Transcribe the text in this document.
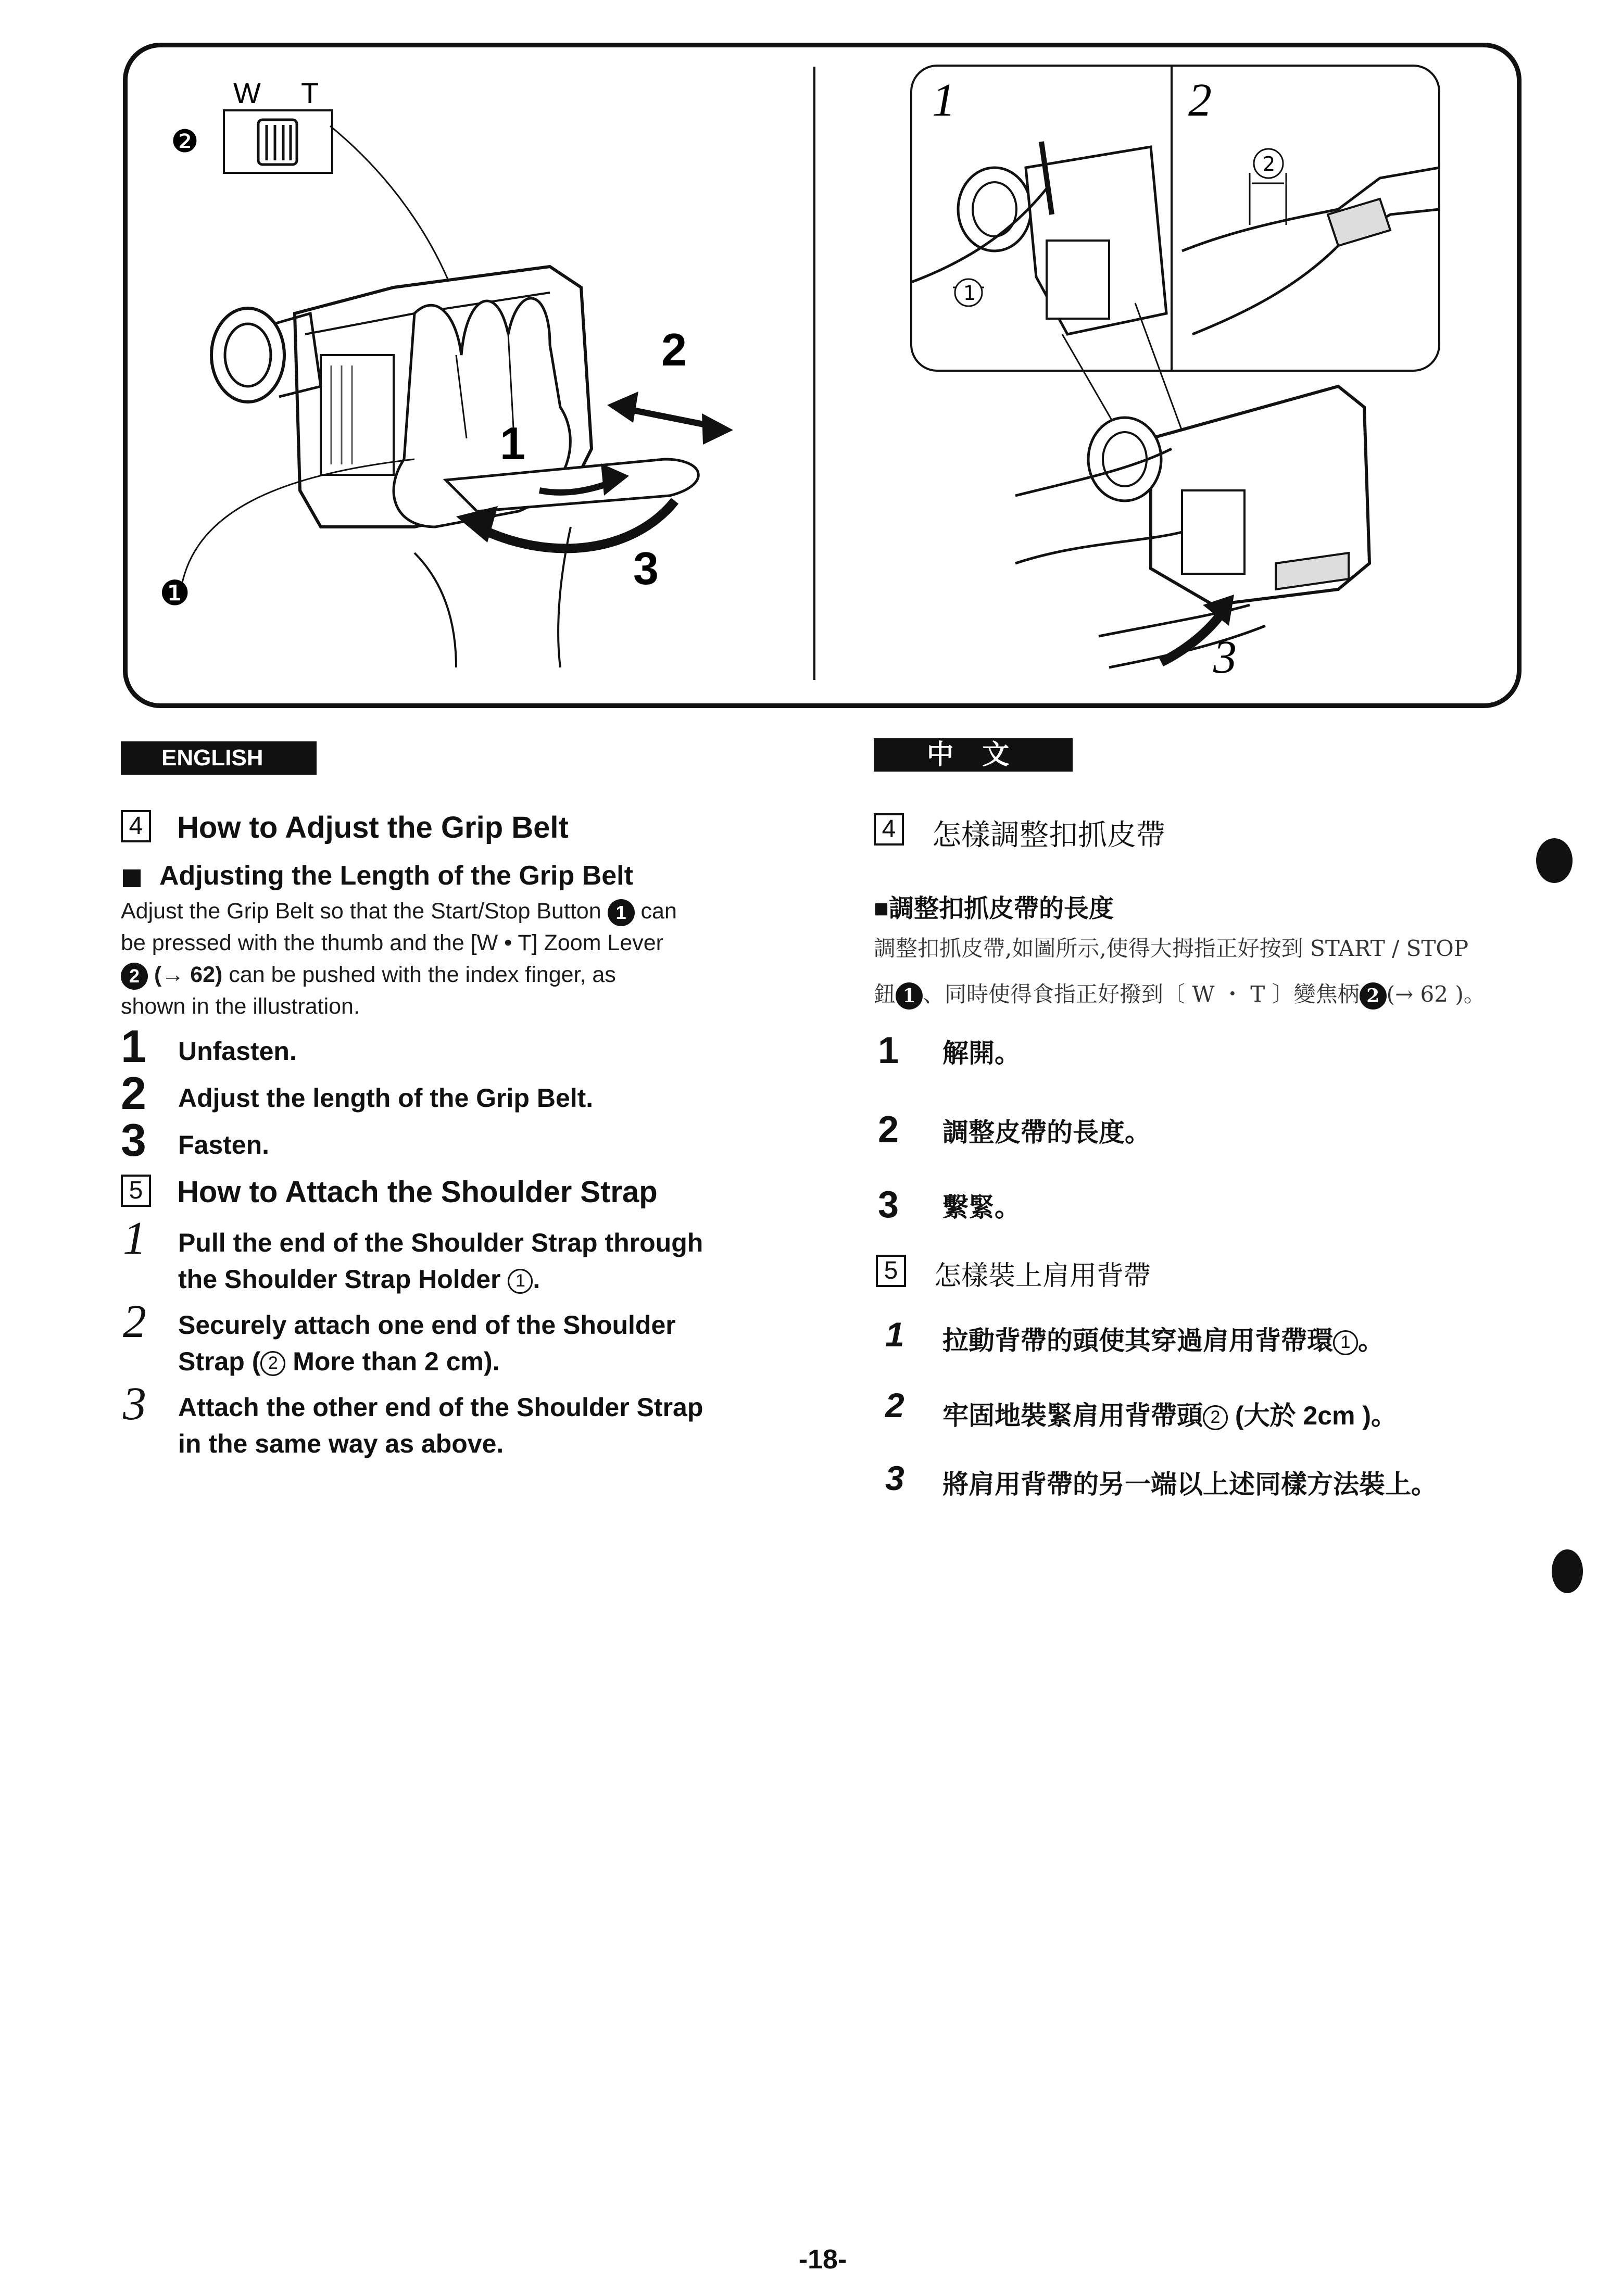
W T
❷
2
1
3
❶
1	2
1
2
3
ENGLISH
4 How to Adjust the Grip Belt
Adjusting the Length of the Grip Belt
Adjust the Grip Belt so that the Start/Stop Button 1 can
be pressed with the thumb and the [W • T] Zoom Lever
2 (→ 62) can be pushed with the index finger, as
shown in the illustration.
1 Unfasten.
2 Adjust the length of the Grip Belt.
3 Fasten.
5 How to Attach the Shoulder Strap
1 Pull the end of the Shoulder Strap through
the Shoulder Strap Holder 1 .
2 Securely attach one end of the Shoulder
Strap ( 2 More than 2 cm).
3 Attach the other end of the Shoulder Strap
in the same way as above.
中 文
4 怎樣調整扣抓皮帶
■調整扣抓皮帶的長度
調整扣抓皮帶,如圖所示,使得大拇指正好按到 START / STOP
鈕 1 、同時使得食指正好撥到〔 W ・ T 〕變焦柄 2 (→ 62 )。
1 解開。
2 調整皮帶的長度。
3 繫緊。
5	怎樣裝上肩用背帶
1 拉動背帶的頭使其穿過肩用背帶環 1 。
2 牢固地裝緊肩用背帶頭 2 (大於 2cm )。
3 將肩用背帶的另一端以上述同樣方法裝上。
-18-
